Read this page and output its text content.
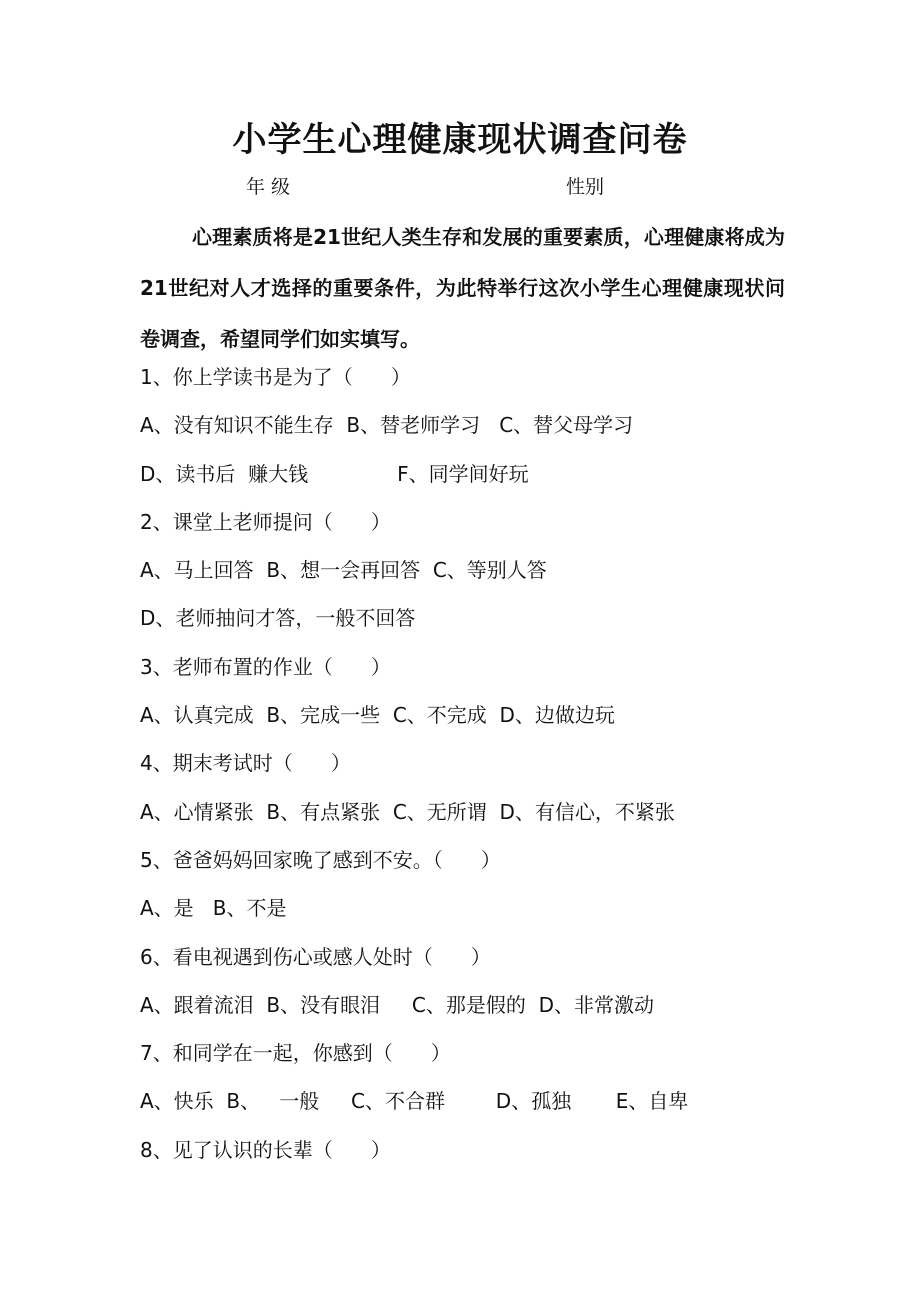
小学生心理健康现状调查问卷
年 级	性别

心理素质将是21世纪人类生存和发展的重要素质，心理健康将成为21世纪对人才选择的重要条件，为此特举行这次小学生心理健康现状问卷调查，希望同学们如实填写。

1、你上学读书是为了（      ）
A、没有知识不能生存  B、替老师学习   C、替父母学习
D、读书后  赚大钱              F、同学间好玩
2、课堂上老师提问（      ）
A、马上回答  B、想一会再回答  C、等别人答
D、老师抽问才答，一般不回答
3、老师布置的作业（      ）
A、认真完成  B、完成一些  C、不完成  D、边做边玩
4、期末考试时（      ）
A、心情紧张  B、有点紧张  C、无所谓  D、有信心，不紧张
5、爸爸妈妈回家晚了感到不安。（      ）
A、是   B、不是
6、看电视遇到伤心或感人处时（      ）
A、跟着流泪  B、没有眼泪     C、那是假的  D、非常激动
7、和同学在一起，你感到（      ）
A、快乐  B、   一般     C、不合群        D、孤独       E、自卑
8、见了认识的长辈（      ）
